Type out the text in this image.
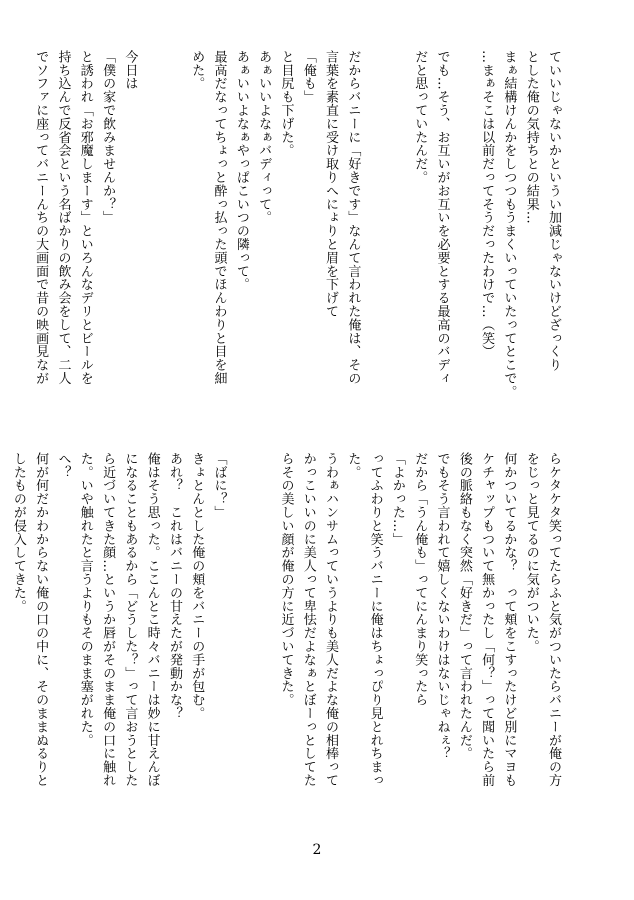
ていいじゃないかというい加減じゃないけどざっくり
とした俺の気持ちとの結果…
まぁ結構けんかをしつつもうまくいっていたってとこで。
…まぁそこは以前だってそうだったわけで…（笑）
でも…そう、お互いがお互いを必要とする最高のバディ
だと思っていたんだ。
だからバニーに「好きです」なんて言われた俺は、その
言葉を素直に受け取りへにょりと眉を下げて
「俺も」
と目尻も下げた。
あぁいいよなぁバディって。
あぁいいよなぁやっぱこいつの隣って。
最高だなってちょっと酔っ払った頭でほんわりと目を細
めた。
今日は
「僕の家で飲みませんか？」
と誘われ「お邪魔しまーす」といろんなデリとビールを
持ち込んで反省会という名ばかりの飲み会をして、二人
でソファに座ってバニーんちの大画面で昔の映画見なが
らケタケタ笑ってたらふと気がついたらバニーが俺の方
をじっと見てるのに気がついた。
何かついてるかな？　って頬をこすったけど別にマヨも
ケチャップもついて無かったし「何？」って聞いたら前
後の脈絡もなく突然「好きだ」って言われたんだ。
でもそう言われて嬉しくないわけはないじゃねぇ？
だから「うん俺も」ってにんまり笑ったら
「よかった…」
ってふわりと笑うバニーに俺はちょっぴり見とれちまっ
た。
うわぁハンサムっていうよりも美人だよな俺の相棒って
かっこいいのに美人って卑怯だよなぁとぼーっとしてた
らその美しい顔が俺の方に近づいてきた。
「ばに？」
きょとんとした俺の頬をバニーの手が包む。
あれ？　これはバニーの甘えたが発動かな？
俺はそう思った。ここんとこ時々バニーは妙に甘えんぼ
になることもあるから「どうした？」って言おうとした
ら近づいてきた顔…というか唇がそのまま俺の口に触れ
た。いや触れたと言うよりもそのまま塞がれた。
へ？
何が何だかわからない俺の口の中に、そのままぬるりと
したものが侵入してきた。
2
